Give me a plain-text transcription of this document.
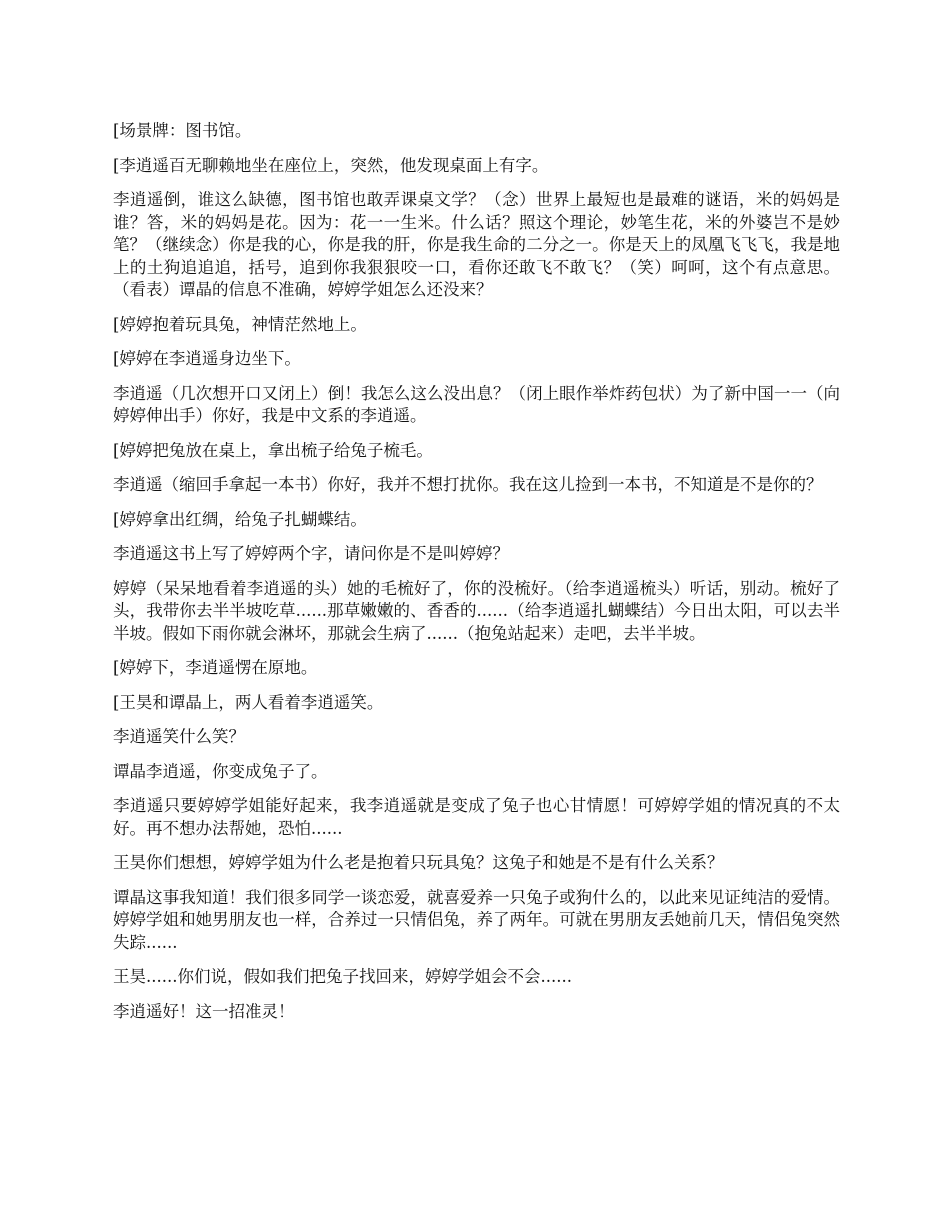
[场景牌：图书馆。

[李逍遥百无聊赖地坐在座位上，突然，他发现桌面上有字。

李逍遥倒，谁这么缺德，图书馆也敢弄课桌文学？（念）世界上最短也是最难的谜语，米的妈妈是谁？答，米的妈妈是花。因为：花一一生米。什么话？照这个理论，妙笔生花，米的外婆岂不是妙笔？（继续念）你是我的心，你是我的肝，你是我生命的二分之一。你是天上的凤凰飞飞飞，我是地上的土狗追追追，括号，追到你我狠狠咬一口，看你还敢飞不敢飞？（笑）呵呵，这个有点意思。（看表）谭晶的信息不准确，婷婷学姐怎么还没来？

[婷婷抱着玩具兔，神情茫然地上。

[婷婷在李逍遥身边坐下。

李逍遥（几次想开口又闭上）倒！我怎么这么没出息？（闭上眼作举炸药包状）为了新中国一一（向婷婷伸出手）你好，我是中文系的李逍遥。

[婷婷把兔放在桌上，拿出梳子给兔子梳毛。

李逍遥（缩回手拿起一本书）你好，我并不想打扰你。我在这儿捡到一本书，不知道是不是你的？

[婷婷拿出红绸，给兔子扎蝴蝶结。

李逍遥这书上写了婷婷两个字，请问你是不是叫婷婷？

婷婷（呆呆地看着李逍遥的头）她的毛梳好了，你的没梳好。（给李逍遥梳头）听话，别动。梳好了头，我带你去半半坡吃草......那草嫩嫩的、香香的......（给李逍遥扎蝴蝶结）今日出太阳，可以去半半坡。假如下雨你就会淋坏，那就会生病了......（抱兔站起来）走吧，去半半坡。

[婷婷下，李逍遥愣在原地。

[王昊和谭晶上，两人看着李逍遥笑。

李逍遥笑什么笑？

谭晶李逍遥，你变成兔子了。

李逍遥只要婷婷学姐能好起来，我李逍遥就是变成了兔子也心甘情愿！可婷婷学姐的情况真的不太好。再不想办法帮她，恐怕......

王昊你们想想，婷婷学姐为什么老是抱着只玩具兔？这兔子和她是不是有什么关系？

谭晶这事我知道！我们很多同学一谈恋爱，就喜爱养一只兔子或狗什么的，以此来见证纯洁的爱情。婷婷学姐和她男朋友也一样，合养过一只情侣兔，养了两年。可就在男朋友丢她前几天，情侣兔突然失踪......

王昊......你们说，假如我们把兔子找回来，婷婷学姐会不会......

李逍遥好！这一招准灵！
